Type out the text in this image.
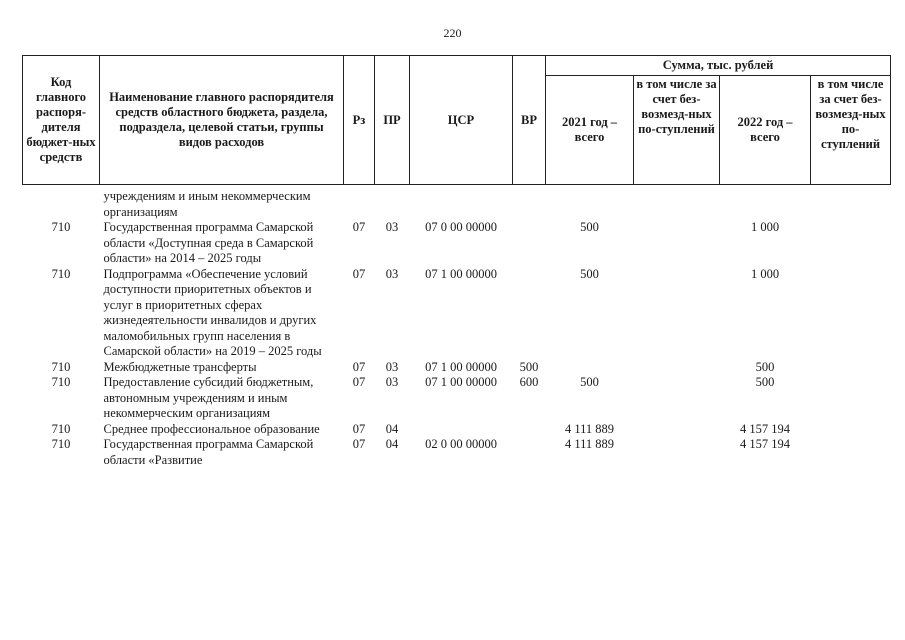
220
Код главного распоря-дителя бюджет-ных средств	Наименование главного распорядителя средств областного бюджета, раздела, подраздела, целевой статьи, группы видов расходов	Рз	ПР	ЦСР	ВР	Сумма, тыс. рублей			
						2021 год – всего	в том числе за счет без-возмезд-ных по-ступлений	2022 год – всего	в том числе за счет без-возмезд-ных по-ступлений
	учреждениям и иным некоммерческим организациям								
710	Государственная программа Самарской области «Доступная среда в Самарской области» на 2014 – 2025 годы	07	03	07 0 00 00000		500		1 000	
710	Подпрограмма «Обеспечение условий доступности приоритетных объектов и услуг в приоритетных сферах жизнедеятельности инвалидов и других маломобильных групп населения в Самарской области» на 2019 – 2025 годы	07	03	07 1 00 00000		500		1 000	
710	Межбюджетные трансферты	07	03	07 1 00 00000	500			500	
710	Предоставление субсидий бюджетным, автономным учреждениям и иным некоммерческим организациям	07	03	07 1 00 00000	600	500		500	
710	Среднее профессиональное образование	07	04			4 111 889		4 157 194	
710	Государственная программа Самарской области «Развитие	07	04	02 0 00 00000		4 111 889		4 157 194	
